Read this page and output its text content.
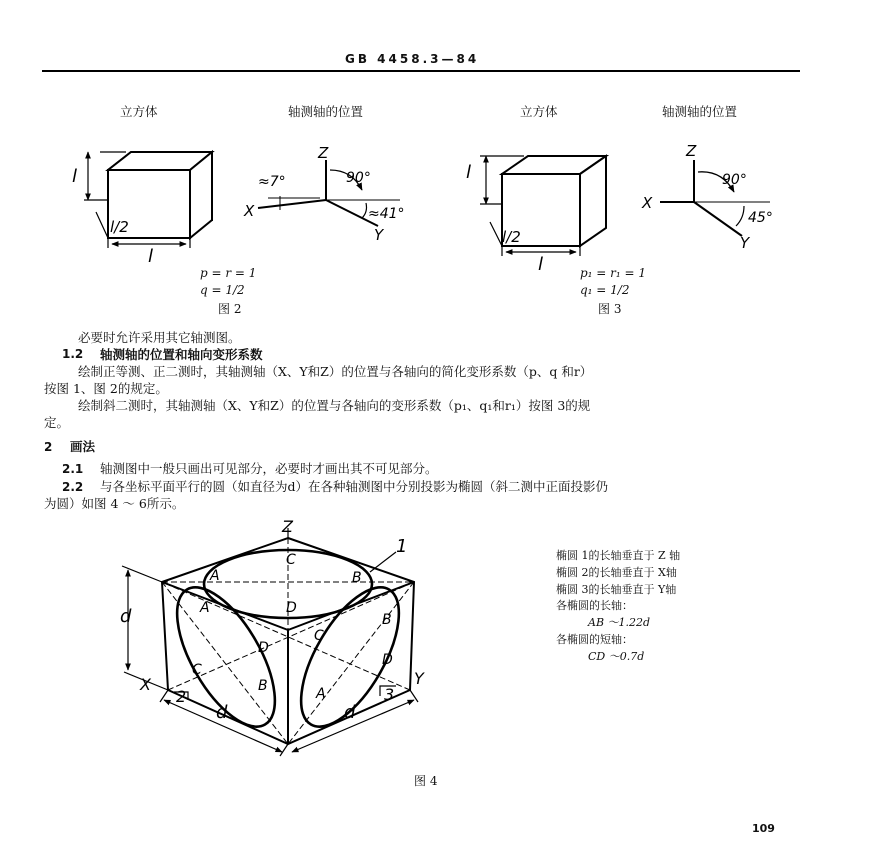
GB 4458.3—84
立方体	轴测轴的位置	立方体	轴测轴的位置
l
l/2
l
Z
X
Y
≈7°	90°
≈41°
l
l/2
l
Z
X
Y
90°
45°
Z
X	Y
1
2	3
d
d	d
C
D
A	B
A
B
C
D
C
B
D
A
p = r = 1
q = 1/2
图 2
p₁ = r₁ = 1
q₁ = 1/2
图 3
必要时允许采用其它轴测图。
1.2 轴测轴的位置和轴向变形系数
绘制正等测、正二测时，其轴测轴（X、Y和Z）的位置与各轴向的简化变形系数（p、q 和r）
按图 1、图 2的规定。
绘制斜二测时，其轴测轴（X、Y和Z）的位置与各轴向的变形系数（p₁、q₁和r₁）按图 3的规
定。
2 画法
2.1 轴测图中一般只画出可见部分，必要时才画出其不可见部分。
2.2 与各坐标平面平行的圆（如直径为d）在各种轴测图中分别投影为椭圆（斜二测中正面投影仍
为圆）如图 4 ～ 6所示。
椭圆 1的长轴垂直于 Z 轴
椭圆 2的长轴垂直于 X轴
椭圆 3的长轴垂直于 Y轴
各椭圆的长轴：
AB ～1.22d
各椭圆的短轴：
CD ～0.7d
图 4
109
